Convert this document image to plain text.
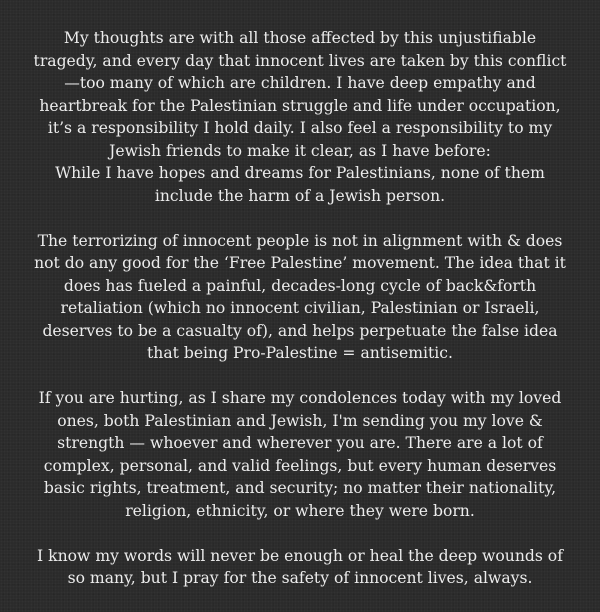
My thoughts are with all those affected by this unjustifiable
tragedy, and every day that innocent lives are taken by this conflict
—too many of which are children. I have deep empathy and
heartbreak for the Palestinian struggle and life under occupation,
it’s a responsibility I hold daily. I also feel a responsibility to my
Jewish friends to make it clear, as I have before:
While I have hopes and dreams for Palestinians, none of them
include the harm of a Jewish person.

The terrorizing of innocent people is not in alignment with & does
not do any good for the ‘Free Palestine’ movement. The idea that it
does has fueled a painful, decades-long cycle of back&forth
retaliation (which no innocent civilian, Palestinian or Israeli,
deserves to be a casualty of), and helps perpetuate the false idea
that being Pro-Palestine = antisemitic.

If you are hurting, as I share my condolences today with my loved
ones, both Palestinian and Jewish, I'm sending you my love &
strength — whoever and wherever you are. There are a lot of
complex, personal, and valid feelings, but every human deserves
basic rights, treatment, and security; no matter their nationality,
religion, ethnicity, or where they were born.

I know my words will never be enough or heal the deep wounds of
so many, but I pray for the safety of innocent lives, always.
